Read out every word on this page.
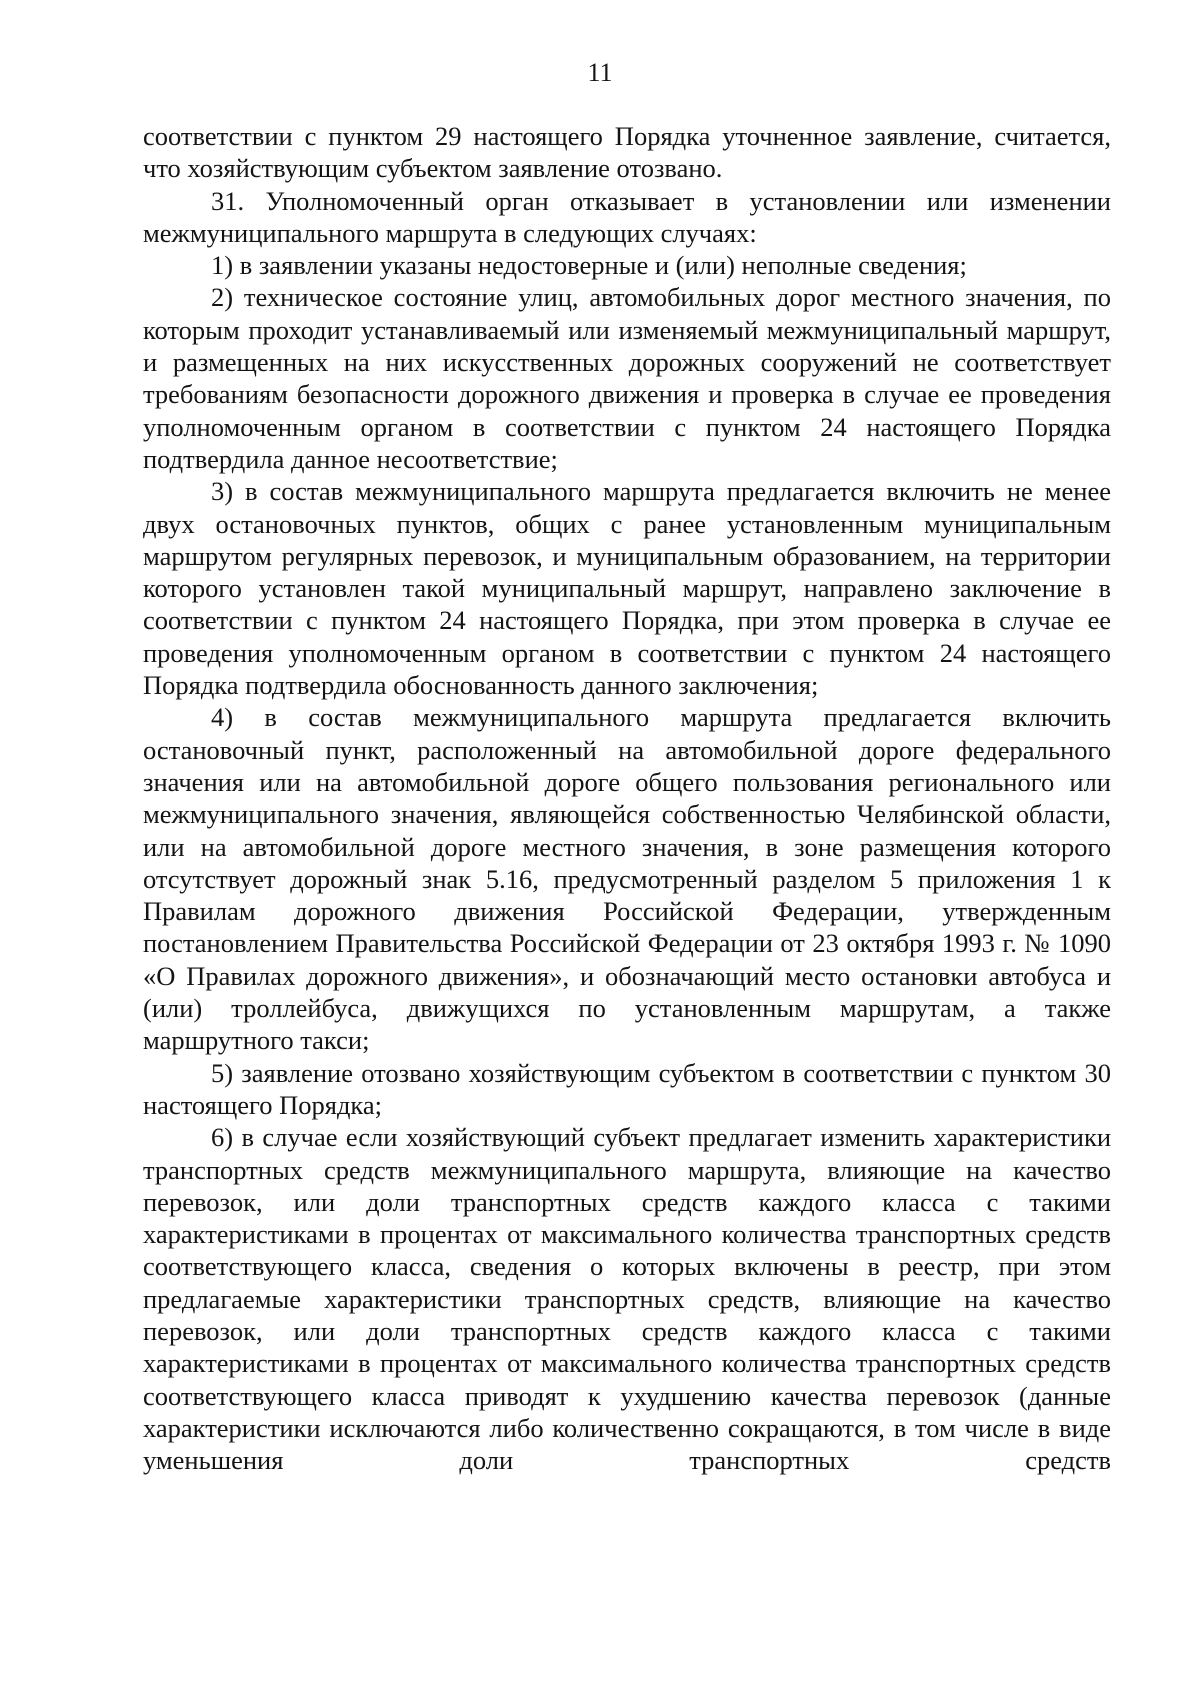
11

соответствии с пунктом 29 настоящего Порядка уточненное заявление, считается, что хозяйствующим субъектом заявление отозвано.

31. Уполномоченный орган отказывает в установлении или изменении межмуниципального маршрута в следующих случаях:

1) в заявлении указаны недостоверные и (или) неполные сведения;

2) техническое состояние улиц, автомобильных дорог местного значения, по которым проходит устанавливаемый или изменяемый межмуниципальный маршрут, и размещенных на них искусственных дорожных сооружений не соответствует требованиям безопасности дорожного движения и проверка в случае ее проведения уполномоченным органом в соответствии с пунктом 24 настоящего Порядка подтвердила данное несоответствие;

3) в состав межмуниципального маршрута предлагается включить не менее двух остановочных пунктов, общих с ранее установленным муниципальным маршрутом регулярных перевозок, и муниципальным образованием, на территории которого установлен такой муниципальный маршрут, направлено заключение в соответствии с пунктом 24 настоящего Порядка, при этом проверка в случае ее проведения уполномоченным органом в соответствии с пунктом 24 настоящего Порядка подтвердила обоснованность данного заключения;

4) в состав межмуниципального маршрута предлагается включить остановочный пункт, расположенный на автомобильной дороге федерального значения или на автомобильной дороге общего пользования регионального или межмуниципального значения, являющейся собственностью Челябинской области, или на автомобильной дороге местного значения, в зоне размещения которого отсутствует дорожный знак 5.16, предусмотренный разделом 5 приложения 1 к Правилам дорожного движения Российской Федерации, утвержденным постановлением Правительства Российской Федерации от 23 октября 1993 г. № 1090 «О Правилах дорожного движения», и обозначающий место остановки автобуса и (или) троллейбуса, движущихся по установленным маршрутам, а также маршрутного такси;

5) заявление отозвано хозяйствующим субъектом в соответствии с пунктом 30 настоящего Порядка;

6) в случае если хозяйствующий субъект предлагает изменить характеристики транспортных средств межмуниципального маршрута, влияющие на качество перевозок, или доли транспортных средств каждого класса с такими характеристиками в процентах от максимального количества транспортных средств соответствующего класса, сведения о которых включены в реестр, при этом предлагаемые характеристики транспортных средств, влияющие на качество перевозок, или доли транспортных средств каждого класса с такими характеристиками в процентах от максимального количества транспортных средств соответствующего класса приводят к ухудшению качества перевозок (данные характеристики исключаются либо количественно сокращаются, в том числе в виде уменьшения доли транспортных средств
